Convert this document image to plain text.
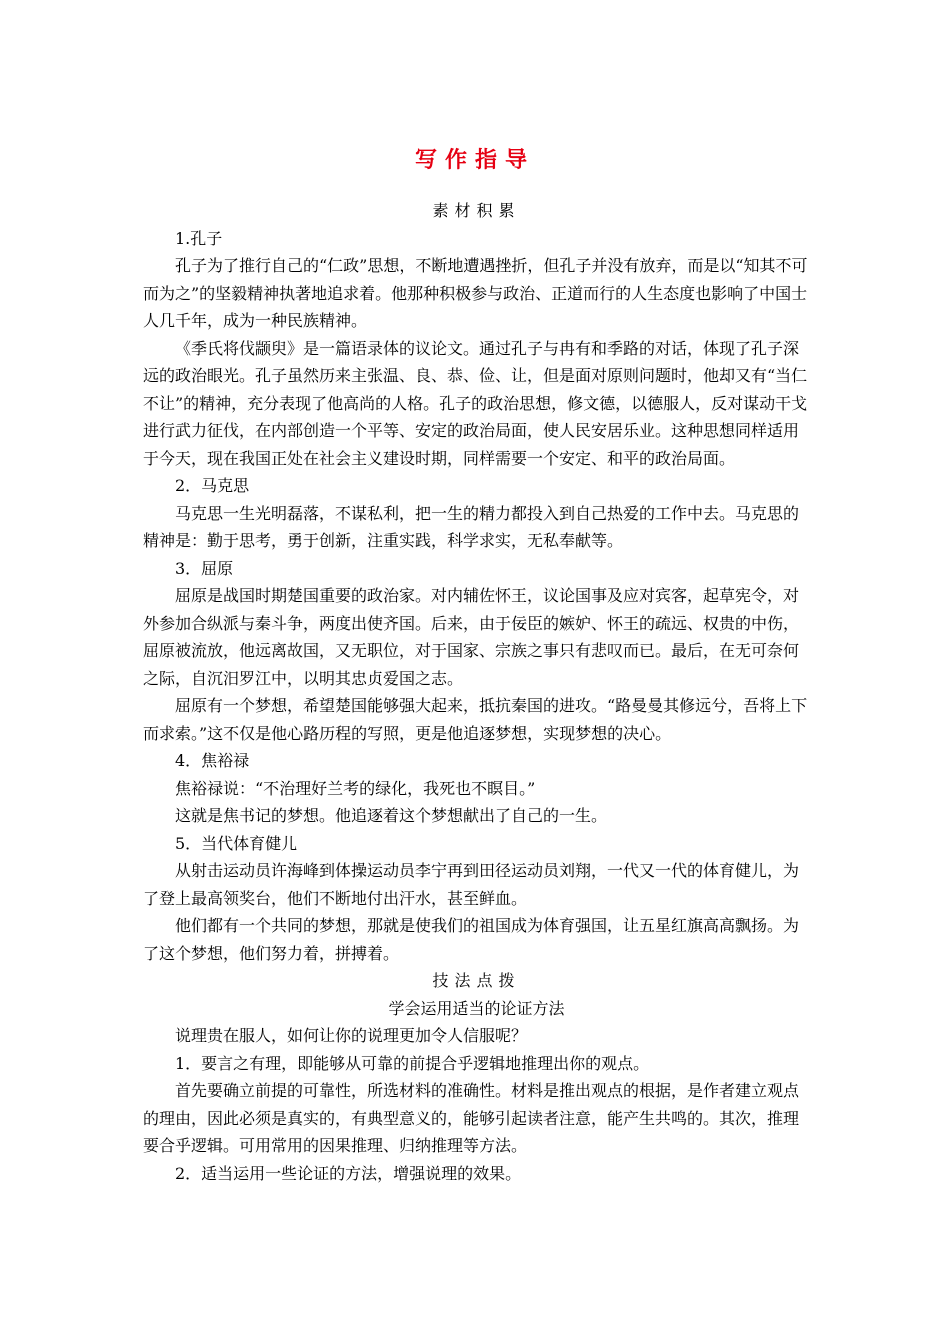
写作指导

素材积累

1.孔子

孔子为了推行自己的“仁政”思想，不断地遭遇挫折，但孔子并没有放弃，而是以“知其不可而为之”的坚毅精神执著地追求着。他那种积极参与政治、正道而行的人生态度也影响了中国士人几千年，成为一种民族精神。

《季氏将伐颛臾》是一篇语录体的议论文。通过孔子与冉有和季路的对话，体现了孔子深远的政治眼光。孔子虽然历来主张温、良、恭、俭、让，但是面对原则问题时，他却又有“当仁不让”的精神，充分表现了他高尚的人格。孔子的政治思想，修文德，以德服人，反对谋动干戈进行武力征伐，在内部创造一个平等、安定的政治局面，使人民安居乐业。这种思想同样适用于今天，现在我国正处在社会主义建设时期，同样需要一个安定、和平的政治局面。

2．马克思

马克思一生光明磊落，不谋私利，把一生的精力都投入到自己热爱的工作中去。马克思的精神是：勤于思考，勇于创新，注重实践，科学求实，无私奉献等。

3．屈原

屈原是战国时期楚国重要的政治家。对内辅佐怀王，议论国事及应对宾客，起草宪令，对外参加合纵派与秦斗争，两度出使齐国。后来，由于佞臣的嫉妒、怀王的疏远、权贵的中伤，屈原被流放，他远离故国，又无职位，对于国家、宗族之事只有悲叹而已。最后，在无可奈何之际，自沉汨罗江中，以明其忠贞爱国之志。

屈原有一个梦想，希望楚国能够强大起来，抵抗秦国的进攻。“路曼曼其修远兮，吾将上下而求索。”这不仅是他心路历程的写照，更是他追逐梦想，实现梦想的决心。

4．焦裕禄

焦裕禄说：“不治理好兰考的绿化，我死也不瞑目。”

这就是焦书记的梦想。他追逐着这个梦想献出了自己的一生。

5．当代体育健儿

从射击运动员许海峰到体操运动员李宁再到田径运动员刘翔，一代又一代的体育健儿，为了登上最高领奖台，他们不断地付出汗水，甚至鲜血。

他们都有一个共同的梦想，那就是使我们的祖国成为体育强国，让五星红旗高高飘扬。为了这个梦想，他们努力着，拼搏着。

技法点拨

学会运用适当的论证方法

说理贵在服人，如何让你的说理更加令人信服呢？

1．要言之有理，即能够从可靠的前提合乎逻辑地推理出你的观点。

首先要确立前提的可靠性，所选材料的准确性。材料是推出观点的根据，是作者建立观点的理由，因此必须是真实的，有典型意义的，能够引起读者注意，能产生共鸣的。其次，推理要合乎逻辑。可用常用的因果推理、归纳推理等方法。

2．适当运用一些论证的方法，增强说理的效果。
